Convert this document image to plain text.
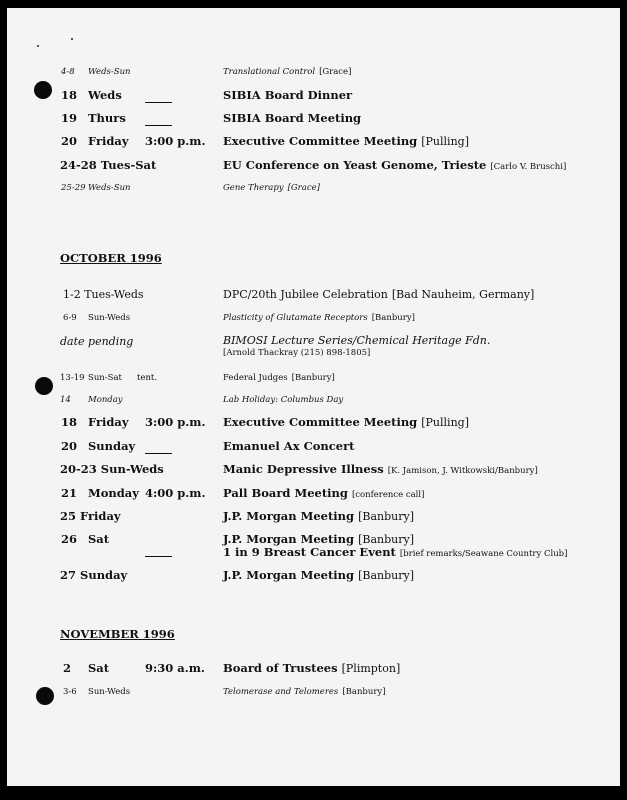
4-8 Weds-Sun	Translational Control [Grace]
18 Weds	SIBIA Board Dinner
19 Thurs	SIBIA Board Meeting
20 Friday 3:00 p.m. Executive Committee Meeting [Pulling]
24-28 Tues-Sat	EU Conference on Yeast Genome, Trieste [Carlo V. Bruschi]
25-29 Weds-Sun	Gene Therapy [Grace]
OCTOBER 1996
1-2 Tues-Weds	DPC/20th Jubilee Celebration [Bad Nauheim, Germany]
6-9 Sun-Weds	Plasticity of Glutamate Receptors [Banbury]
date pending	BIMOSI Lecture Series/Chemical Heritage Fdn.
[Arnold Thackray (215) 898-1805]
13-19 Sun-Sat tent.	Federal Judges [Banbury]
14 Monday	Lab Holiday: Columbus Day
18 Friday 3:00 p.m. Executive Committee Meeting [Pulling]
20 Sunday	Emanuel Ax Concert
20-23 Sun-Weds	Manic Depressive Illness [K. Jamison, J. Witkowski/Banbury]
21 Monday 4:00 p.m. Pall Board Meeting [conference call]
25 Friday	J.P. Morgan Meeting [Banbury]
26 Sat	J.P. Morgan Meeting [Banbury]
1 in 9 Breast Cancer Event [brief remarks/Seawane Country Club]
27 Sunday	J.P. Morgan Meeting [Banbury]
NOVEMBER 1996
2 Sat	9:30 a.m. Board of Trustees [Plimpton]
3-6 Sun-Weds	Telomerase and Telomeres [Banbury]
